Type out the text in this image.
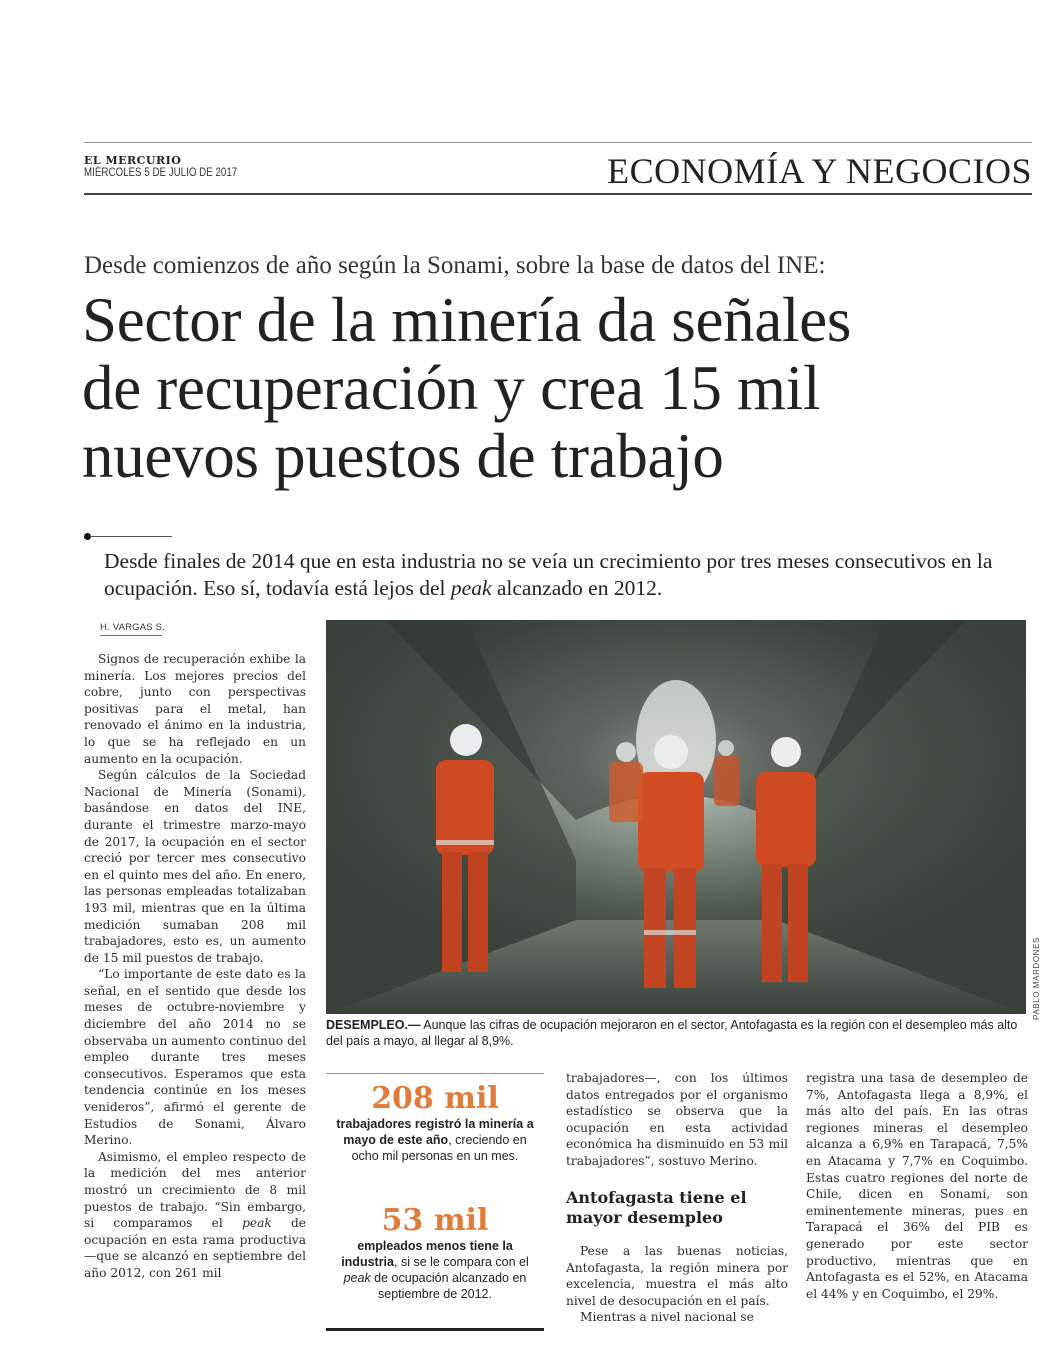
EL MERCURIO
MIÉRCOLES 5 DE JULIO DE 2017	ECONOMÍA Y NEGOCIOS
Desde comienzos de año según la Sonami, sobre la base de datos del INE:
Sector de la minería da señales
de recuperación y crea 15 mil
nuevos puestos de trabajo
Desde finales de 2014 que en esta industria no se veía un crecimiento por tres meses consecutivos en la ocupación. Eso sí, todavía está lejos del peak alcanzado en 2012.
H. VARGAS S.

Signos de recuperación exhibe la minería. Los mejores precios del cobre, junto con perspectivas positivas para el metal, han renovado el ánimo en la industria, lo que se ha reflejado en un aumento en la ocupación.

Según cálculos de la Sociedad Nacional de Minería (Sonami), basándose en datos del INE, durante el trimestre marzo-mayo de 2017, la ocupación en el sector creció por tercer mes consecutivo en el quinto mes del año. En enero, las personas empleadas totalizaban 193 mil, mientras que en la última medición sumaban 208 mil trabajadores, esto es, un aumento de 15 mil puestos de trabajo.

“Lo importante de este dato es la señal, en el sentido que desde los meses de octubre-noviembre y diciembre del año 2014 no se observaba un aumento continuo del empleo durante tres meses consecutivos. Esperamos que esta tendencia continúe en los meses venideros”, afirmó el gerente de Estudios de Sonami, Álvaro Merino.

Asimismo, el empleo respecto de la medición del mes anterior mostró un crecimiento de 8 mil puestos de trabajo. “Sin embargo, si comparamos el peak de ocupación en esta rama productiva —que se alcanzó en septiembre del año 2012, con 261 mil

PABLO MARDONES
DESEMPLEO.— Aunque las cifras de ocupación mejoraron en el sector, Antofagasta es la región con el desempleo más alto del país a mayo, al llegar al 8,9%.
208 mil
trabajadores registró la minería a mayo de este año, creciendo en ocho mil personas en un mes.
53 mil
empleados menos tiene la industria, si se le compara con el peak de ocupación alcanzado en septiembre de 2012.

trabajadores—, con los últimos datos entregados por el organismo estadístico se observa que la ocupación en esta actividad económica ha disminuido en 53 mil trabajadores”, sostuvo Merino.

Antofagasta tiene el mayor desempleo

Pese a las buenas noticias, Antofagasta, la región minera por excelencia, muestra el más alto nivel de desocupación en el país.

Mientras a nivel nacional se

registra una tasa de desempleo de 7%, Antofagasta llega a 8,9%, el más alto del país. En las otras regiones mineras el desempleo alcanza a 6,9% en Tarapacá, 7,5% en Atacama y 7,7% en Coquimbo. Estas cuatro regiones del norte de Chile, dicen en Sonami, son eminentemente mineras, pues en Tarapacá el 36% del PIB es generado por este sector productivo, mientras que en Antofagasta es el 52%, en Atacama el 44% y en Coquimbo, el 29%.
